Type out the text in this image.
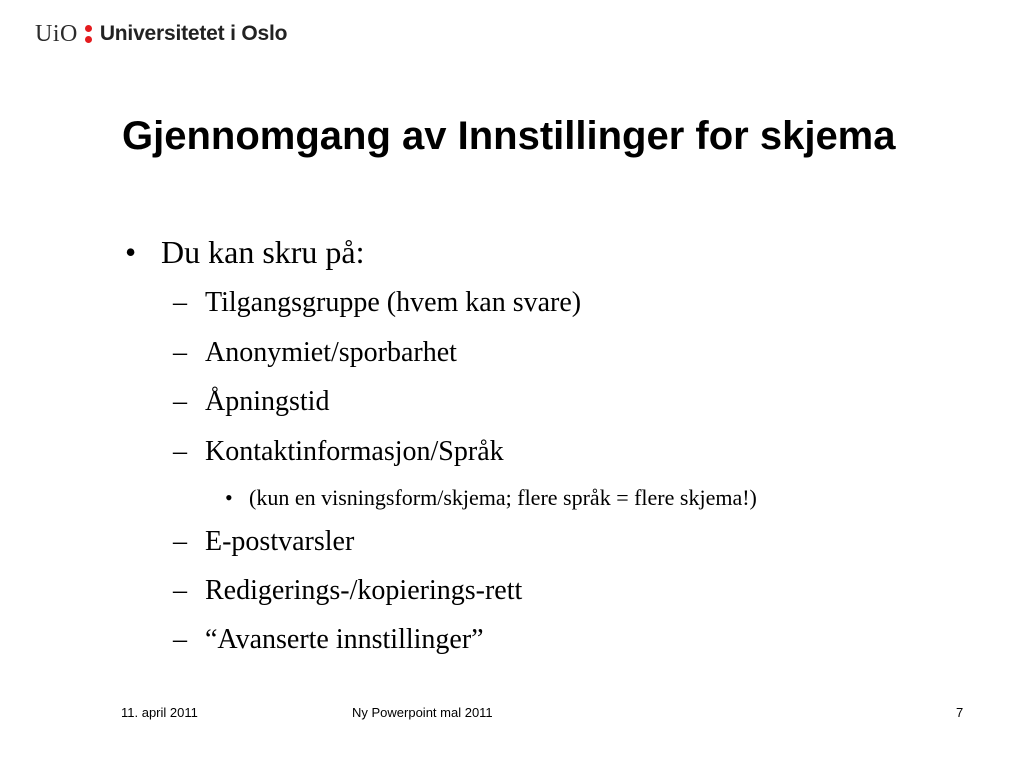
UiO Universitetet i Oslo
Gjennomgang av Innstillinger for skjema
• Du kan skru på:
– Tilgangsgruppe (hvem kan svare)
– Anonymiet/sporbarhet
– Åpningstid
– Kontaktinformasjon/Språk
• (kun en visningsform/skjema; flere språk = flere skjema!)
– E-postvarsler
– Redigerings-/kopierings-rett
– “Avanserte innstillinger”
11. april 2011	Ny Powerpoint mal 2011	7
